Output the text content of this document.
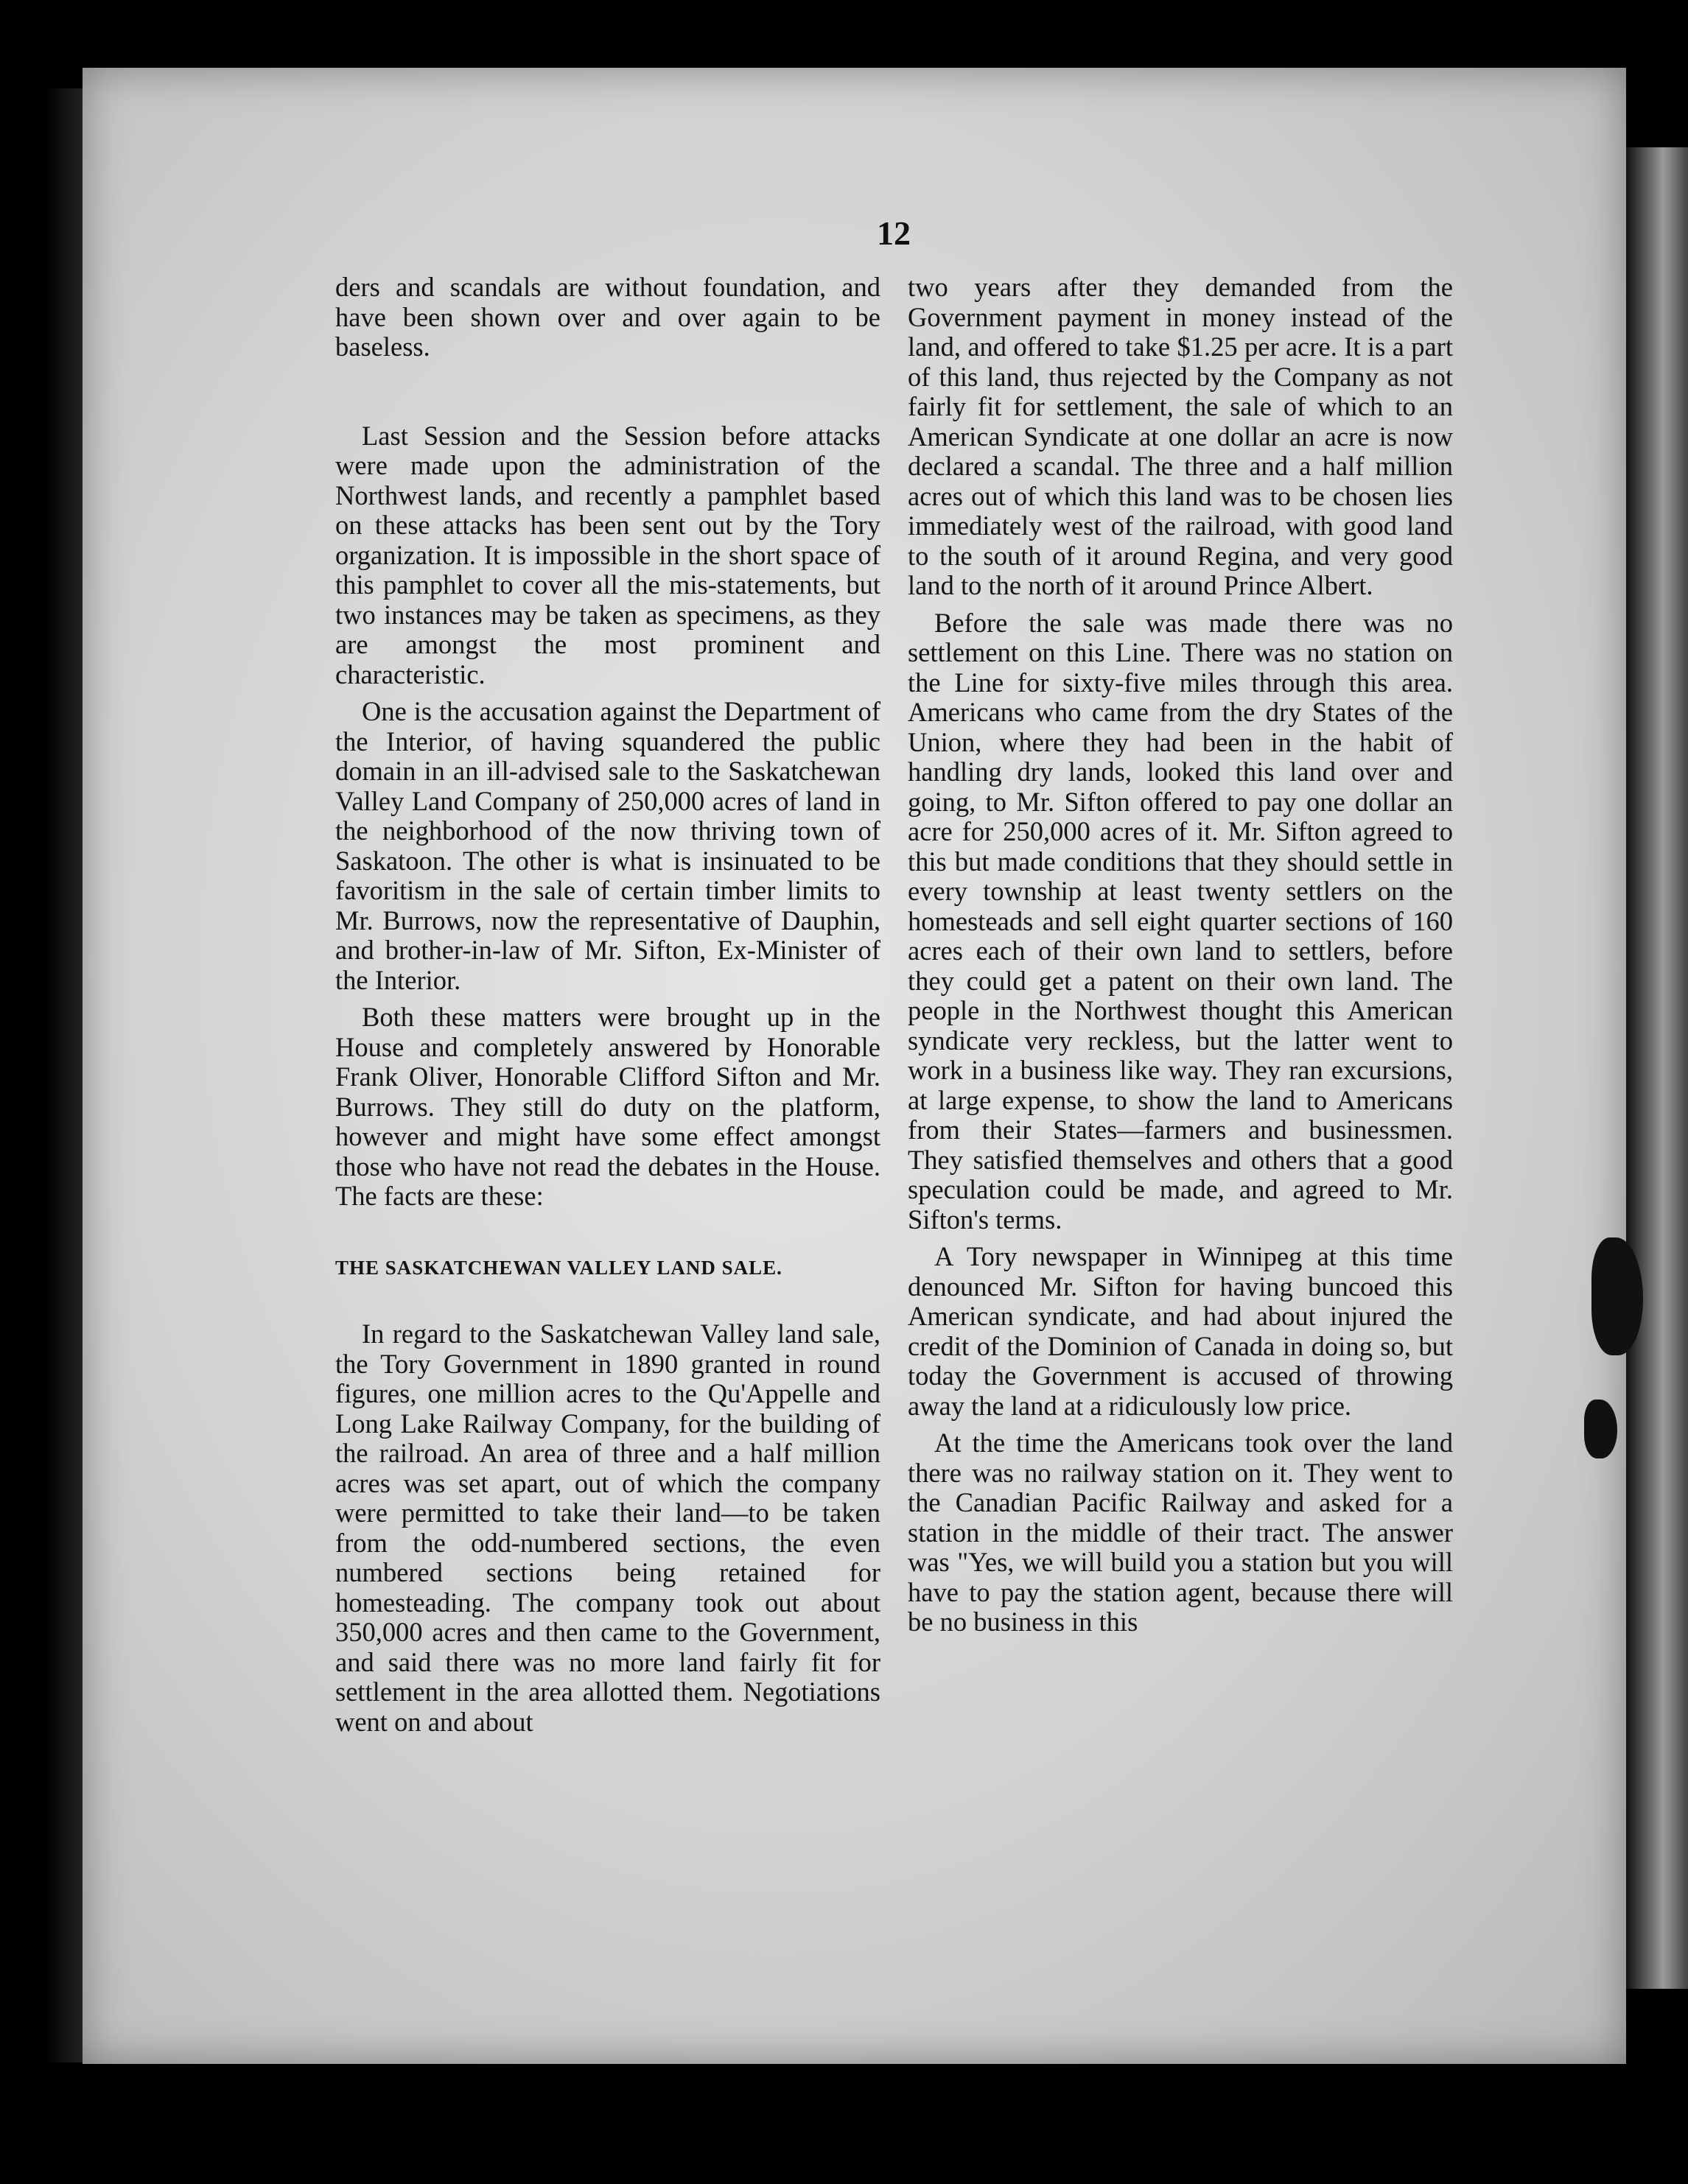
12

ders and scandals are without foundation, and have been shown over and over again to be baseless.

Last Session and the Session before attacks were made upon the administration of the Northwest lands, and recently a pamphlet based on these attacks has been sent out by the Tory organization. It is impossible in the short space of this pamphlet to cover all the mis-statements, but two instances may be taken as specimens, as they are amongst the most prominent and characteristic.

One is the accusation against the Department of the Interior, of having squandered the public domain in an ill-advised sale to the Saskatchewan Valley Land Company of 250,000 acres of land in the neighborhood of the now thriving town of Saskatoon. The other is what is insinuated to be favoritism in the sale of certain timber limits to Mr. Burrows, now the representative of Dauphin, and brother-in-law of Mr. Sifton, Ex-Minister of the Interior.

Both these matters were brought up in the House and completely answered by Honorable Frank Oliver, Honorable Clifford Sifton and Mr. Burrows. They still do duty on the platform, however and might have some effect amongst those who have not read the debates in the House. The facts are these:

THE SASKATCHEWAN VALLEY LAND SALE.

In regard to the Saskatchewan Valley land sale, the Tory Government in 1890 granted in round figures, one million acres to the Qu'Appelle and Long Lake Railway Company, for the building of the railroad. An area of three and a half million acres was set apart, out of which the company were permitted to take their land—to be taken from the odd-numbered sections, the even numbered sections being retained for homesteading. The company took out about 350,000 acres and then came to the Government, and said there was no more land fairly fit for settlement in the area allotted them. Negotiations went on and about

two years after they demanded from the Government payment in money instead of the land, and offered to take $1.25 per acre. It is a part of this land, thus rejected by the Company as not fairly fit for settlement, the sale of which to an American Syndicate at one dollar an acre is now declared a scandal. The three and a half million acres out of which this land was to be chosen lies immediately west of the railroad, with good land to the south of it around Regina, and very good land to the north of it around Prince Albert.

Before the sale was made there was no settlement on this Line. There was no station on the Line for sixty-five miles through this area. Americans who came from the dry States of the Union, where they had been in the habit of handling dry lands, looked this land over and going, to Mr. Sifton offered to pay one dollar an acre for 250,000 acres of it. Mr. Sifton agreed to this but made conditions that they should settle in every township at least twenty settlers on the homesteads and sell eight quarter sections of 160 acres each of their own land to settlers, before they could get a patent on their own land. The people in the Northwest thought this American syndicate very reckless, but the latter went to work in a business like way. They ran excursions, at large expense, to show the land to Americans from their States—farmers and businessmen. They satisfied themselves and others that a good speculation could be made, and agreed to Mr. Sifton's terms.

A Tory newspaper in Winnipeg at this time denounced Mr. Sifton for having buncoed this American syndicate, and had about injured the credit of the Dominion of Canada in doing so, but today the Government is accused of throwing away the land at a ridiculously low price.

At the time the Americans took over the land there was no railway station on it. They went to the Canadian Pacific Railway and asked for a station in the middle of their tract. The answer was "Yes, we will build you a station but you will have to pay the station agent, because there will be no business in this
